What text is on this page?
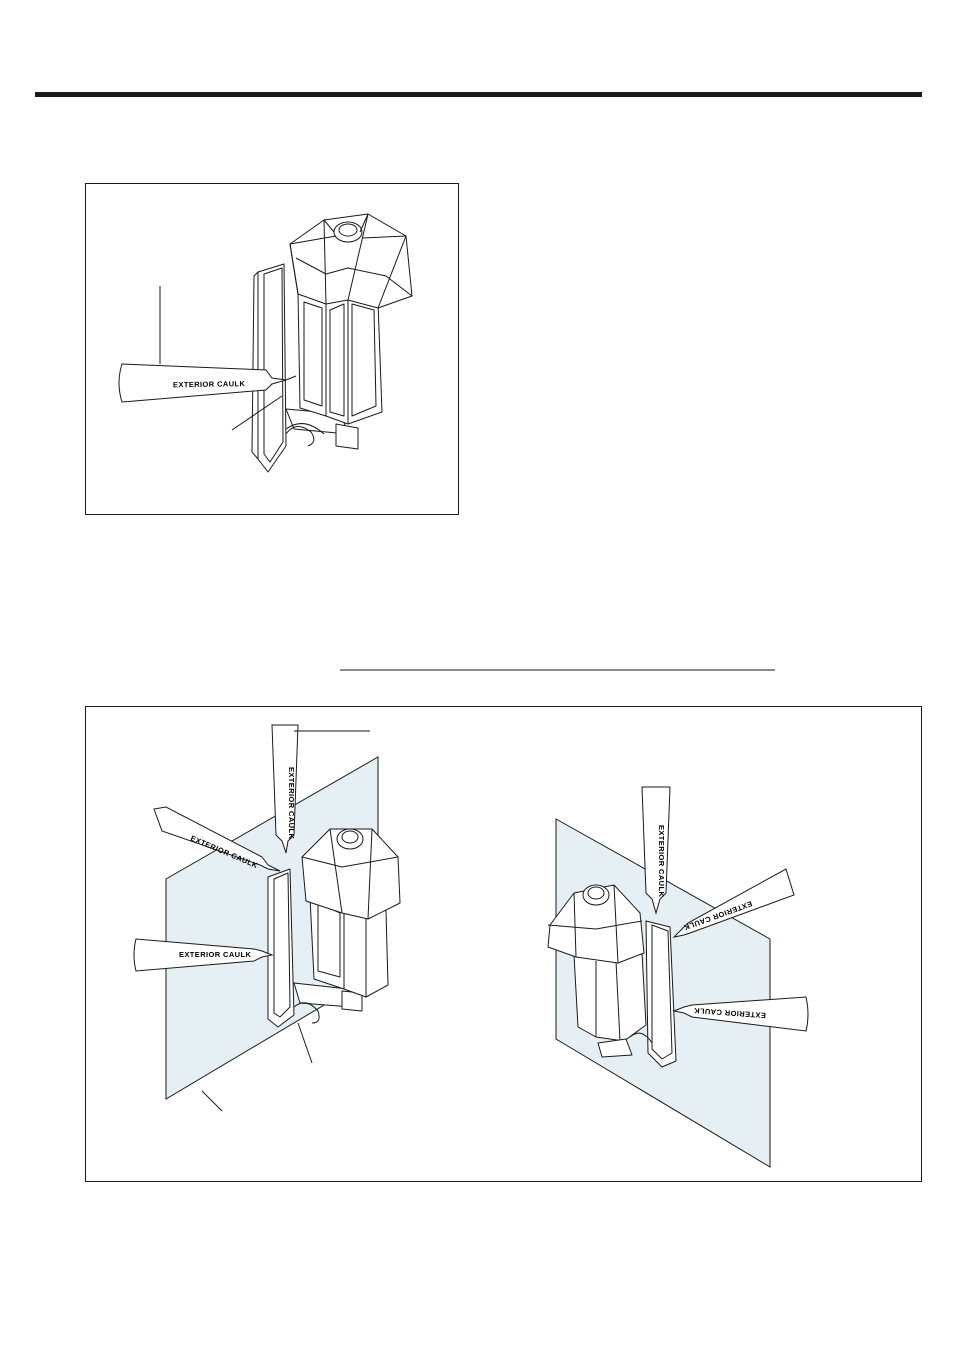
EXTERIOR CAULK
EXTERIOR CAULK
EXTERIOR CAULK
EXTERIOR CAULK
EXTERIOR CAULK
EXTERIOR CAULK
EXTERIOR CAULK
